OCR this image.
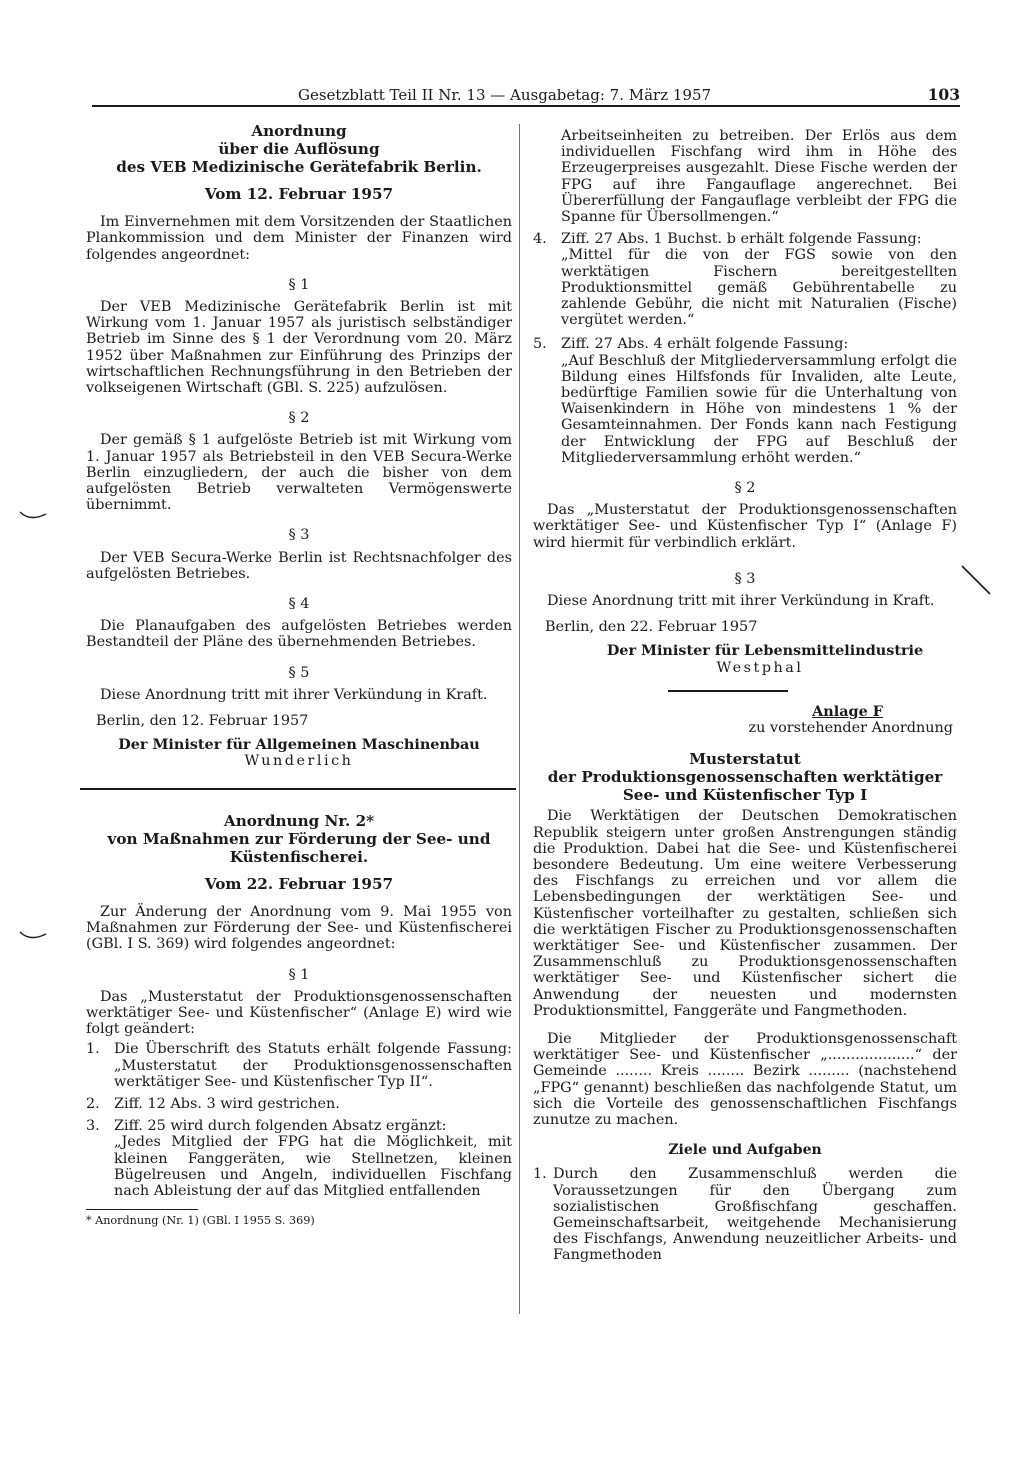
Gesetzblatt Teil II Nr. 13 — Ausgabetag: 7. März 1957	103
Anordnung
über die Auflösung
des VEB Medizinische Gerätefabrik Berlin.
Vom 12. Februar 1957

Im Einvernehmen mit dem Vorsitzenden der Staatlichen Plankommission und dem Minister der Finanzen wird folgendes angeordnet:

§ 1

Der VEB Medizinische Gerätefabrik Berlin ist mit Wirkung vom 1. Januar 1957 als juristisch selbständiger Betrieb im Sinne des § 1 der Verordnung vom 20. März 1952 über Maßnahmen zur Einführung des Prinzips der wirtschaftlichen Rechnungsführung in den Betrieben der volkseigenen Wirtschaft (GBl. S. 225) aufzulösen.

§ 2

Der gemäß § 1 aufgelöste Betrieb ist mit Wirkung vom 1. Januar 1957 als Betriebsteil in den VEB Secura-Werke Berlin einzugliedern, der auch die bisher von dem aufgelösten Betrieb verwalteten Vermögenswerte übernimmt.

§ 3

Der VEB Secura-Werke Berlin ist Rechtsnachfolger des aufgelösten Betriebes.

§ 4

Die Planaufgaben des aufgelösten Betriebes werden Bestandteil der Pläne des übernehmenden Betriebes.

§ 5

Diese Anordnung tritt mit ihrer Verkündung in Kraft.

Berlin, den 12. Februar 1957
Der Minister für Allgemeinen Maschinenbau
Wunderlich
Anordnung Nr. 2*
von Maßnahmen zur Förderung der See- und
Küstenfischerei.
Vom 22. Februar 1957

Zur Änderung der Anordnung vom 9. Mai 1955 von Maßnahmen zur Förderung der See- und Küstenfischerei (GBl. I S. 369) wird folgendes angeordnet:

§ 1

Das „Musterstatut der Produktionsgenossenschaften werktätiger See- und Küstenfischer“ (Anlage E) wird wie folgt geändert:

1. Die Überschrift des Statuts erhält folgende Fassung: „Musterstatut der Produktionsgenossenschaften werktätiger See- und Küstenfischer Typ II“.
2. Ziff. 12 Abs. 3 wird gestrichen.
3. Ziff. 25 wird durch folgenden Absatz ergänzt:
„Jedes Mitglied der FPG hat die Möglichkeit, mit kleinen Fanggeräten, wie Stellnetzen, kleinen Bügelreusen und Angeln, individuellen Fischfang nach Ableistung der auf das Mitglied entfallenden
* Anordnung (Nr. 1) (GBl. I 1955 S. 369)
Arbeitseinheiten zu betreiben. Der Erlös aus dem individuellen Fischfang wird ihm in Höhe des Erzeugerpreises ausgezahlt. Diese Fische werden der FPG auf ihre Fangauflage angerechnet. Bei Übererfüllung der Fangauflage verbleibt der FPG die Spanne für Übersollmengen.“
4. Ziff. 27 Abs. 1 Buchst. b erhält folgende Fassung:
„Mittel für die von der FGS sowie von den werktätigen Fischern bereitgestellten Produktionsmittel gemäß Gebührentabelle zu zahlende Gebühr, die nicht mit Naturalien (Fische) vergütet werden.“
5. Ziff. 27 Abs. 4 erhält folgende Fassung:
„Auf Beschluß der Mitgliederversammlung erfolgt die Bildung eines Hilfsfonds für Invaliden, alte Leute, bedürftige Familien sowie für die Unterhaltung von Waisenkindern in Höhe von mindestens 1 % der Gesamteinnahmen. Der Fonds kann nach Festigung der Entwicklung der FPG auf Beschluß der Mitgliederversammlung erhöht werden.“
§ 2

Das „Musterstatut der Produktionsgenossenschaften werktätiger See- und Küstenfischer Typ I“ (Anlage F) wird hiermit für verbindlich erklärt.

§ 3

Diese Anordnung tritt mit ihrer Verkündung in Kraft.

Berlin, den 22. Februar 1957
Der Minister für Lebensmittelindustrie
Westphal
Anlage F
zu vorstehender Anordnung
Musterstatut
der Produktionsgenossenschaften werktätiger
See- und Küstenfischer Typ I

Die Werktätigen der Deutschen Demokratischen Republik steigern unter großen Anstrengungen ständig die Produktion. Dabei hat die See- und Küstenfischerei besondere Bedeutung. Um eine weitere Verbesserung des Fischfangs zu erreichen und vor allem die Lebensbedingungen der werktätigen See- und Küstenfischer vorteilhafter zu gestalten, schließen sich die werktätigen Fischer zu Produktionsgenossenschaften werktätiger See- und Küstenfischer zusammen. Der Zusammenschluß zu Produktionsgenossenschaften werktätiger See- und Küstenfischer sichert die Anwendung der neuesten und modernsten Produktionsmittel, Fanggeräte und Fangmethoden.

Die Mitglieder der Produktionsgenossenschaft werktätiger See- und Küstenfischer „...................“ der Gemeinde ........ Kreis ........ Bezirk ......... (nachstehend „FPG“ genannt) beschließen das nachfolgende Statut, um sich die Vorteile des genossenschaftlichen Fischfangs zunutze zu machen.

Ziele und Aufgaben
1. Durch den Zusammenschluß werden die Voraussetzungen für den Übergang zum sozialistischen Großfischfang geschaffen. Gemeinschaftsarbeit, weitgehende Mechanisierung des Fischfangs, Anwendung neuzeitlicher Arbeits- und Fangmethoden
